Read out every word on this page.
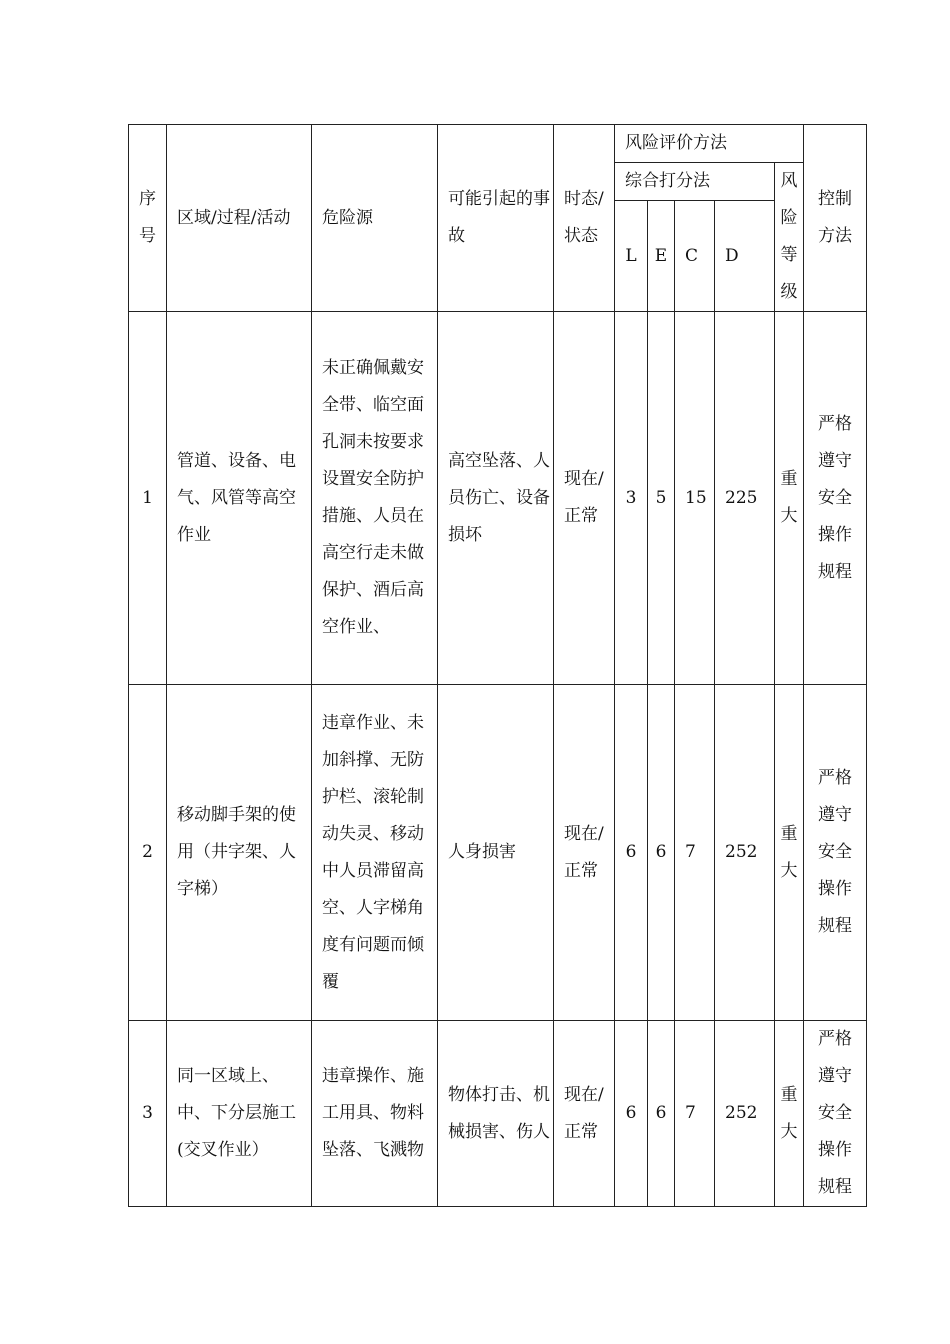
序号	区域/过程/活动	危险源	可能引起的事故	时态/状态	风险评价方法					控制方法

					综合打分法				风险等级	

					L	E	C	D		
1	管道、设备、电气、风管等高空作业	未正确佩戴安全带、临空面孔洞未按要求设置安全防护措施、人员在高空行走未做保护、酒后高空作业、	高空坠落、人员伤亡、设备损坏	现在/正常	3	5	15	225	重大	严格遵守安全操作规程

2	移动脚手架的使用（井字架、人字梯）	违章作业、未加斜撑、无防护栏、滚轮制动失灵、移动中人员滞留高空、人字梯角度有问题而倾覆	人身损害	现在/正常	6	6	7	252	重大	严格遵守安全操作规程

3	同一区域上、中、下分层施工(交叉作业）	违章操作、施工用具、物料坠落、飞溅物	物体打击、机械损害、伤人	现在/正常	6	6	7	252	重大	严格遵守安全操作规程
